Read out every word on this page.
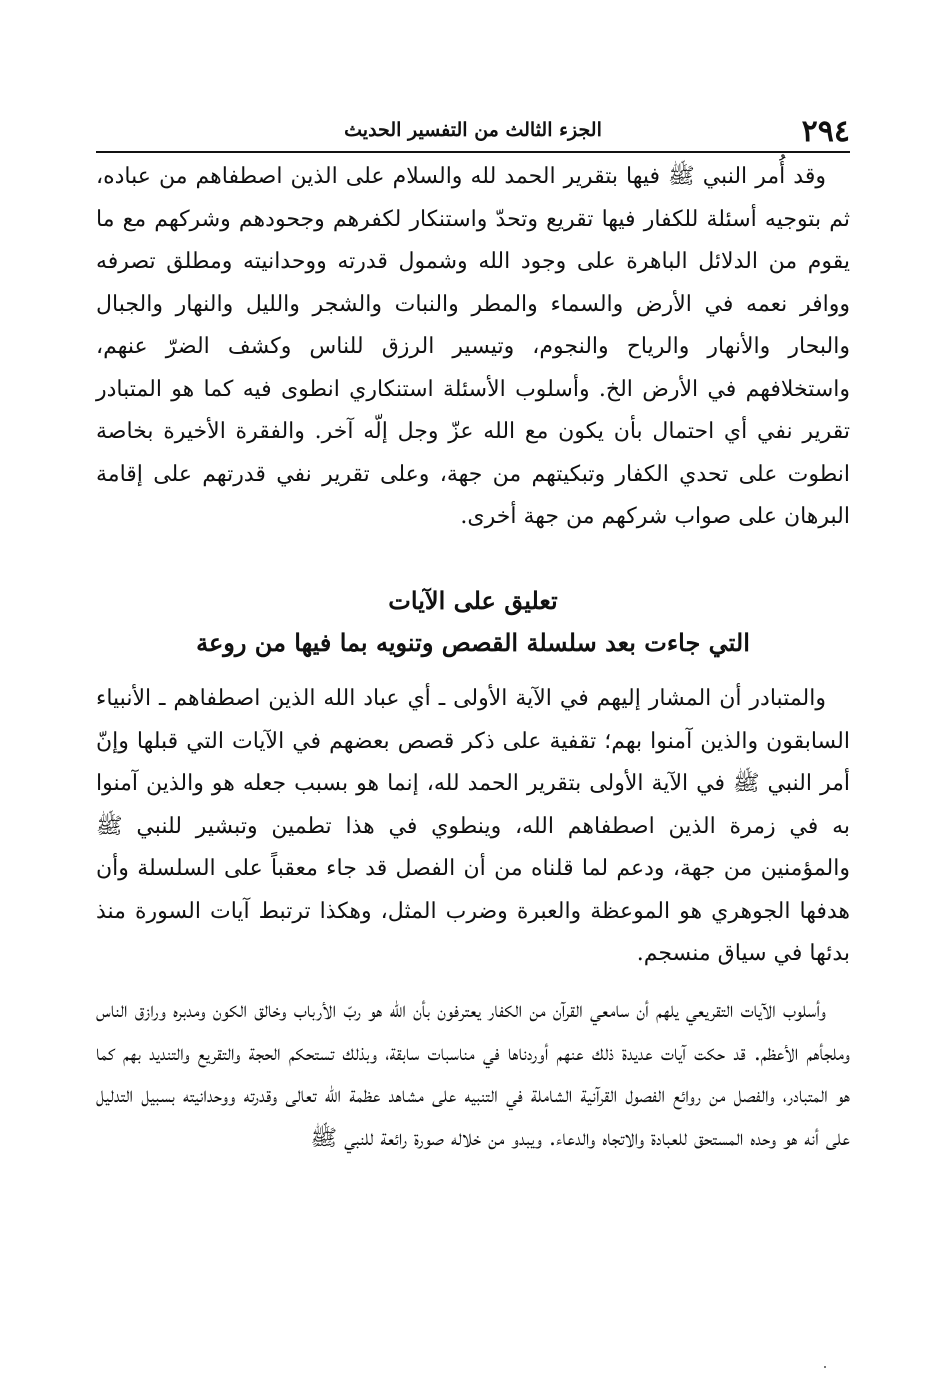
٢٩٤
الجزء الثالث من التفسير الحديث

وقد أُمر النبي ﷺ فيها بتقرير الحمد لله والسلام على الذين اصطفاهم من عباده، ثم بتوجيه أسئلة للكفار فيها تقريع وتحدّ واستنكار لكفرهم وجحودهم وشركهم مع ما يقوم من الدلائل الباهرة على وجود الله وشمول قدرته ووحدانيته ومطلق تصرفه ووافر نعمه في الأرض والسماء والمطر والنبات والشجر والليل والنهار والجبال والبحار والأنهار والرياح والنجوم، وتيسير الرزق للناس وكشف الضرّ عنهم، واستخلافهم في الأرض الخ. وأسلوب الأسئلة استنكاري انطوى فيه كما هو المتبادر تقرير نفي أي احتمال بأن يكون مع الله عزّ وجل إلّه آخر. والفقرة الأخيرة بخاصة انطوت على تحدي الكفار وتبكيتهم من جهة، وعلى تقرير نفي قدرتهم على إقامة البرهان على صواب شركهم من جهة أخرى.

تعليق على الآيات
التي جاءت بعد سلسلة القصص وتنويه بما فيها من روعة

والمتبادر أن المشار إليهم في الآية الأولى ـ أي عباد الله الذين اصطفاهم ـ الأنبياء السابقون والذين آمنوا بهم؛ تقفية على ذكر قصص بعضهم في الآيات التي قبلها وإنّ أمر النبي ﷺ في الآية الأولى بتقرير الحمد لله، إنما هو بسبب جعله هو والذين آمنوا به في زمرة الذين اصطفاهم الله، وينطوي في هذا تطمين وتبشير للنبي ﷺ والمؤمنين من جهة، ودعم لما قلناه من أن الفصل قد جاء معقباً على السلسلة وأن هدفها الجوهري هو الموعظة والعبرة وضرب المثل، وهكذا ترتبط آيات السورة منذ بدئها في سياق منسجم.

وأسلوب الآيات التقريعي يلهم أن سامعي القرآن من الكفار يعترفون بأن الله هو ربّ الأرباب وخالق الكون ومدبره ورازق الناس وملجأهم الأعظم. قد حكت آيات عديدة ذلك عنهم أوردناها في مناسبات سابقة، وبذلك تستحكم الحجة والتقريع والتنديد بهم كما هو المتبادر، والفصل من روائع الفصول القرآنية الشاملة في التنبيه على مشاهد عظمة الله تعالى وقدرته ووحدانيته بسبيل التدليل على أنه هو وحده المستحق للعبادة والاتجاه والدعاء. ويبدو من خلاله صورة رائعة للنبي ﷺ
